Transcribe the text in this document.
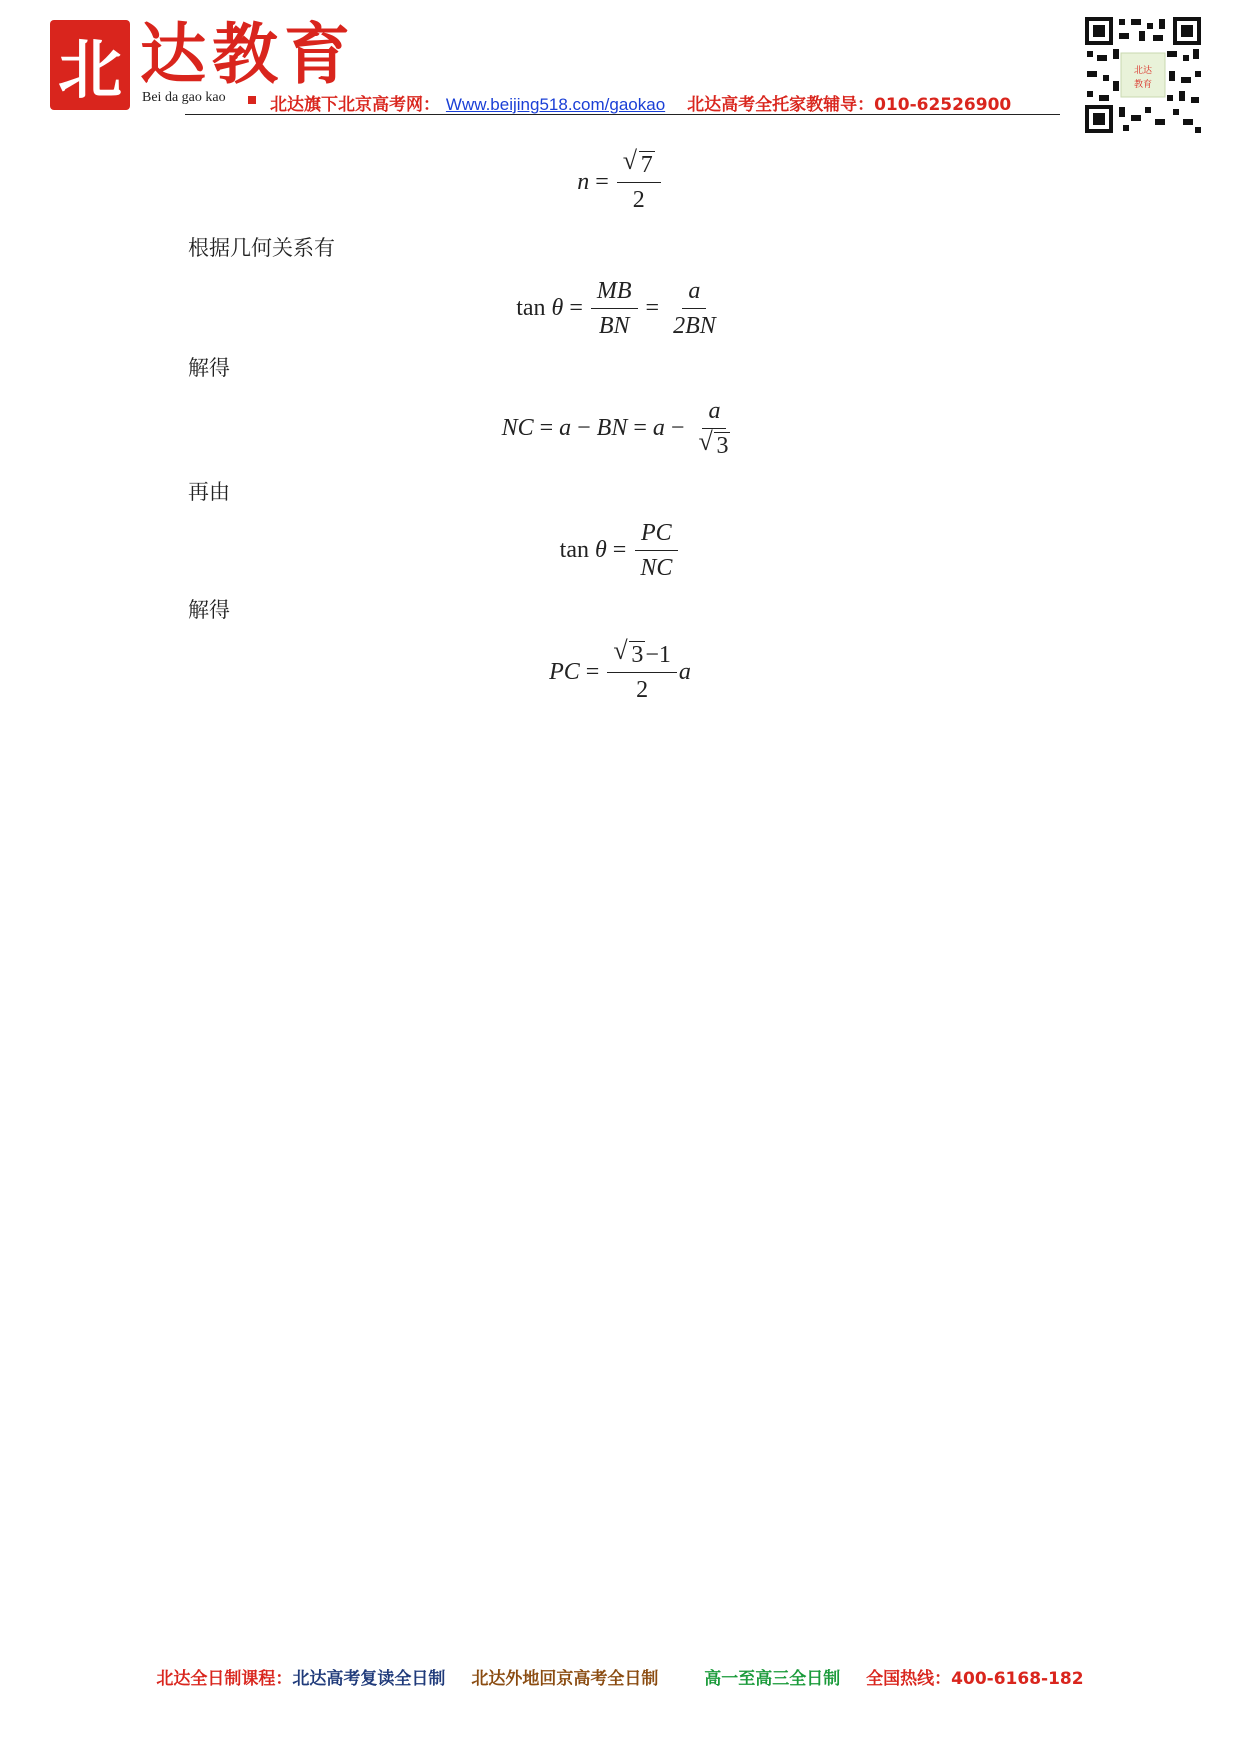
北 达教育
Bei da gao kao	北达旗下北京高考网： Www.beijing518.com/gaokao 北达高考全托家教辅导：010-62526900
北达
教育
$n = \frac{√ 7}{2}$
根据几何关系有
tan
$\theta = \frac{MB}{BN} = \frac{a}{2BN}$
解得
NC = a − BN = $a - \frac{a}{√ 3}$
再由
tan
$\theta = \frac{PC}{NC}$
解得
PC = $\frac{√ 3-1}{2}$ a
北达全日制课程：北达高考复读全日制 北达外地回京高考全日制	高一至高三全日制 全国热线：400-6168-182
